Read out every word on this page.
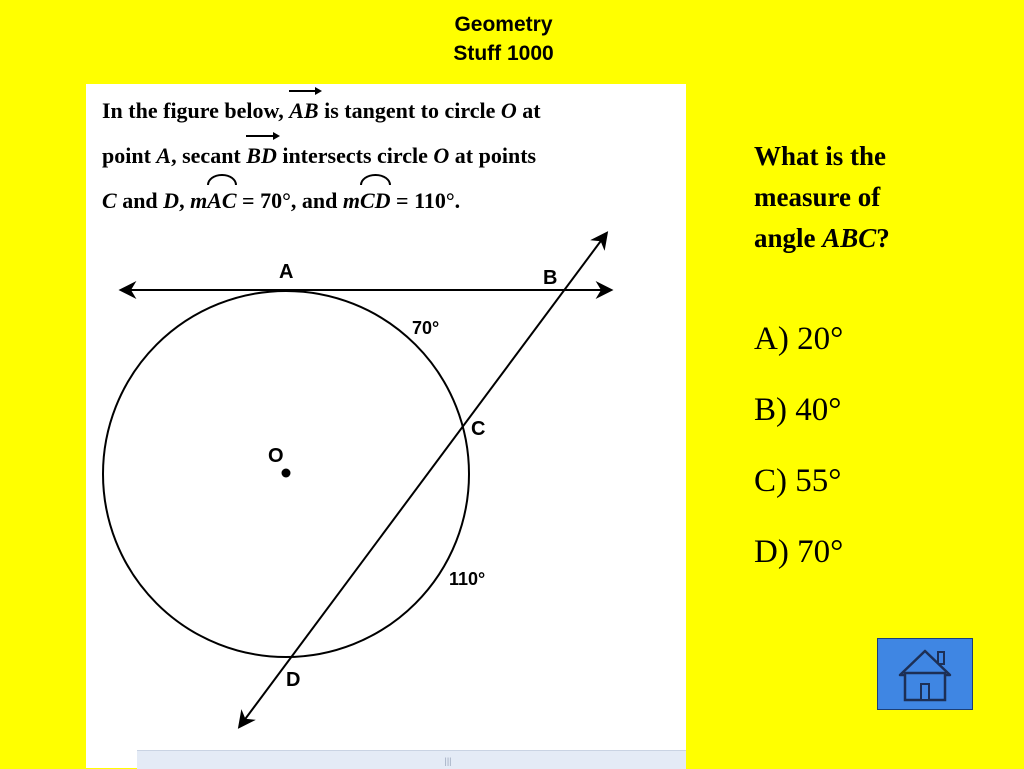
Geometry
Stuff 1000
In the figure below, AB is tangent to circle O at
point A, secant BD intersects circle O at points
C and D, mAC = 70°, and mCD = 110°.
A	B
C
O
D
70°
110°
|||
What is the
measure of
angle ABC?
A) 20°
B) 40°
C) 55°
D) 70°
